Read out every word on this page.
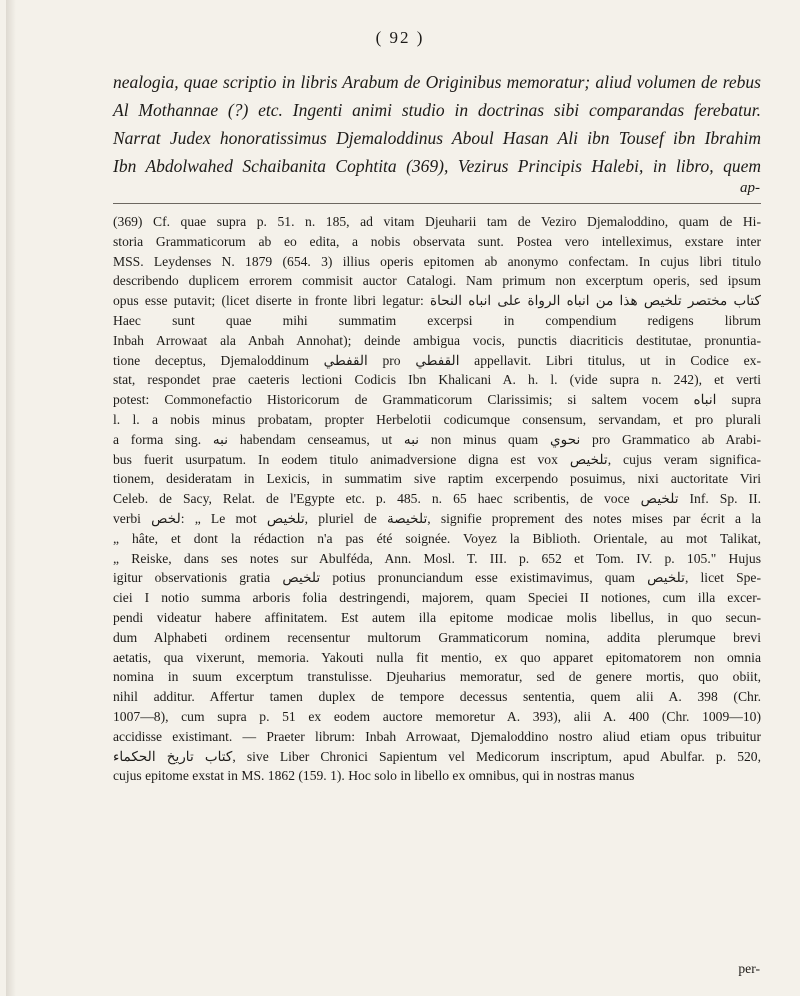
( 92 )

nealogia, quae scriptio in libris Arabum de Originibus memoratur; aliud volumen de rebus

Al Mothannae (?) etc. Ingenti animi studio in doctrinas sibi comparandas ferebatur.

Narrat Judex honoratissimus Djemaloddinus Aboul Hasan Ali ibn Tousef ibn Ibrahim

Ibn Abdolwahed Schaibanita Cophtita (369), Vezirus Principis Halebi, in libro, quem

ap-

(369) Cf. quae supra p. 51. n. 185, ad vitam Djeuharii tam de Veziro Djemaloddino, quam de Hi-

storia Grammaticorum ab eo edita, a nobis observata sunt. Postea vero intelleximus, exstare inter

MSS. Leydenses N. 1879 (654. 3) illius operis epitomen ab anonymo confectam. In cujus libri titulo

describendo duplicem errorem commisit auctor Catalogi. Nam primum non excerptum operis, sed ipsum

opus esse putavit; (licet diserte in fronte libri legatur: كتاب مختصر تلخيص هذا من انباه الرواة على انباه النحاة

Haec sunt quae mihi summatim excerpsi in compendium redigens librum

Inbah Arrowaat ala Anbah Annohat); deinde ambigua vocis, punctis diacriticis destitutae, pronuntia-

tione deceptus, Djemaloddinum القفطي pro القفطي appellavit. Libri titulus, ut in Codice ex-

stat, respondet prae caeteris lectioni Codicis Ibn Khalicani A. h. l. (vide supra n. 242), et verti

potest: Commonefactio Historicorum de Grammaticorum Clarissimis; si saltem vocem انباه supra

l. l. a nobis minus probatam, propter Herbelotii codicumque consensum, servandam, et pro plurali

a forma sing. نبه habendam censeamus, ut نبه non minus quam نحوي pro Grammatico ab Arabi-

bus fuerit usurpatum. In eodem titulo animadversione digna est vox تلخيص, cujus veram significa-

tionem, desideratam in Lexicis, in summatim sive raptim excerpendo posuimus, nixi auctoritate Viri

Celeb. de Sacy, Relat. de l'Egypte etc. p. 485. n. 65 haec scribentis, de voce تلخيص Inf. Sp. II.

verbi لخص: „ Le mot تلخيص, pluriel de تلخيصة, signifie proprement des notes mises par écrit a la

„ hâte, et dont la rédaction n'a pas été soignée. Voyez la Biblioth. Orientale, au mot Talikat,

„ Reiske, dans ses notes sur Abulféda, Ann. Mosl. T. III. p. 652 et Tom. IV. p. 105." Hujus

igitur observationis gratia تلخيص potius pronunciandum esse existimavimus, quam تلخيص, licet Spe-

ciei I notio summa arboris folia destringendi, majorem, quam Speciei II notiones, cum illa excer-

pendi videatur habere affinitatem. Est autem illa epitome modicae molis libellus, in quo secun-

dum Alphabeti ordinem recensentur multorum Grammaticorum nomina, addita plerumque brevi

aetatis, qua vixerunt, memoria. Yakouti nulla fit mentio, ex quo apparet epitomatorem non omnia

nomina in suum excerptum transtulisse. Djeuharius memoratur, sed de genere mortis, quo obiit,

nihil additur. Affertur tamen duplex de tempore decessus sententia, quem alii A. 398 (Chr.

1007—8), cum supra p. 51 ex eodem auctore memoretur A. 393), alii A. 400 (Chr. 1009—10)

accidisse existimant. — Praeter librum: Inbah Arrowaat, Djemaloddino nostro aliud etiam opus tribuitur

كتاب تاريخ الحكماء, sive Liber Chronici Sapientum vel Medicorum inscriptum, apud Abulfar. p. 520,

cujus epitome exstat in MS. 1862 (159. 1). Hoc solo in libello ex omnibus, qui in nostras manus

per-
